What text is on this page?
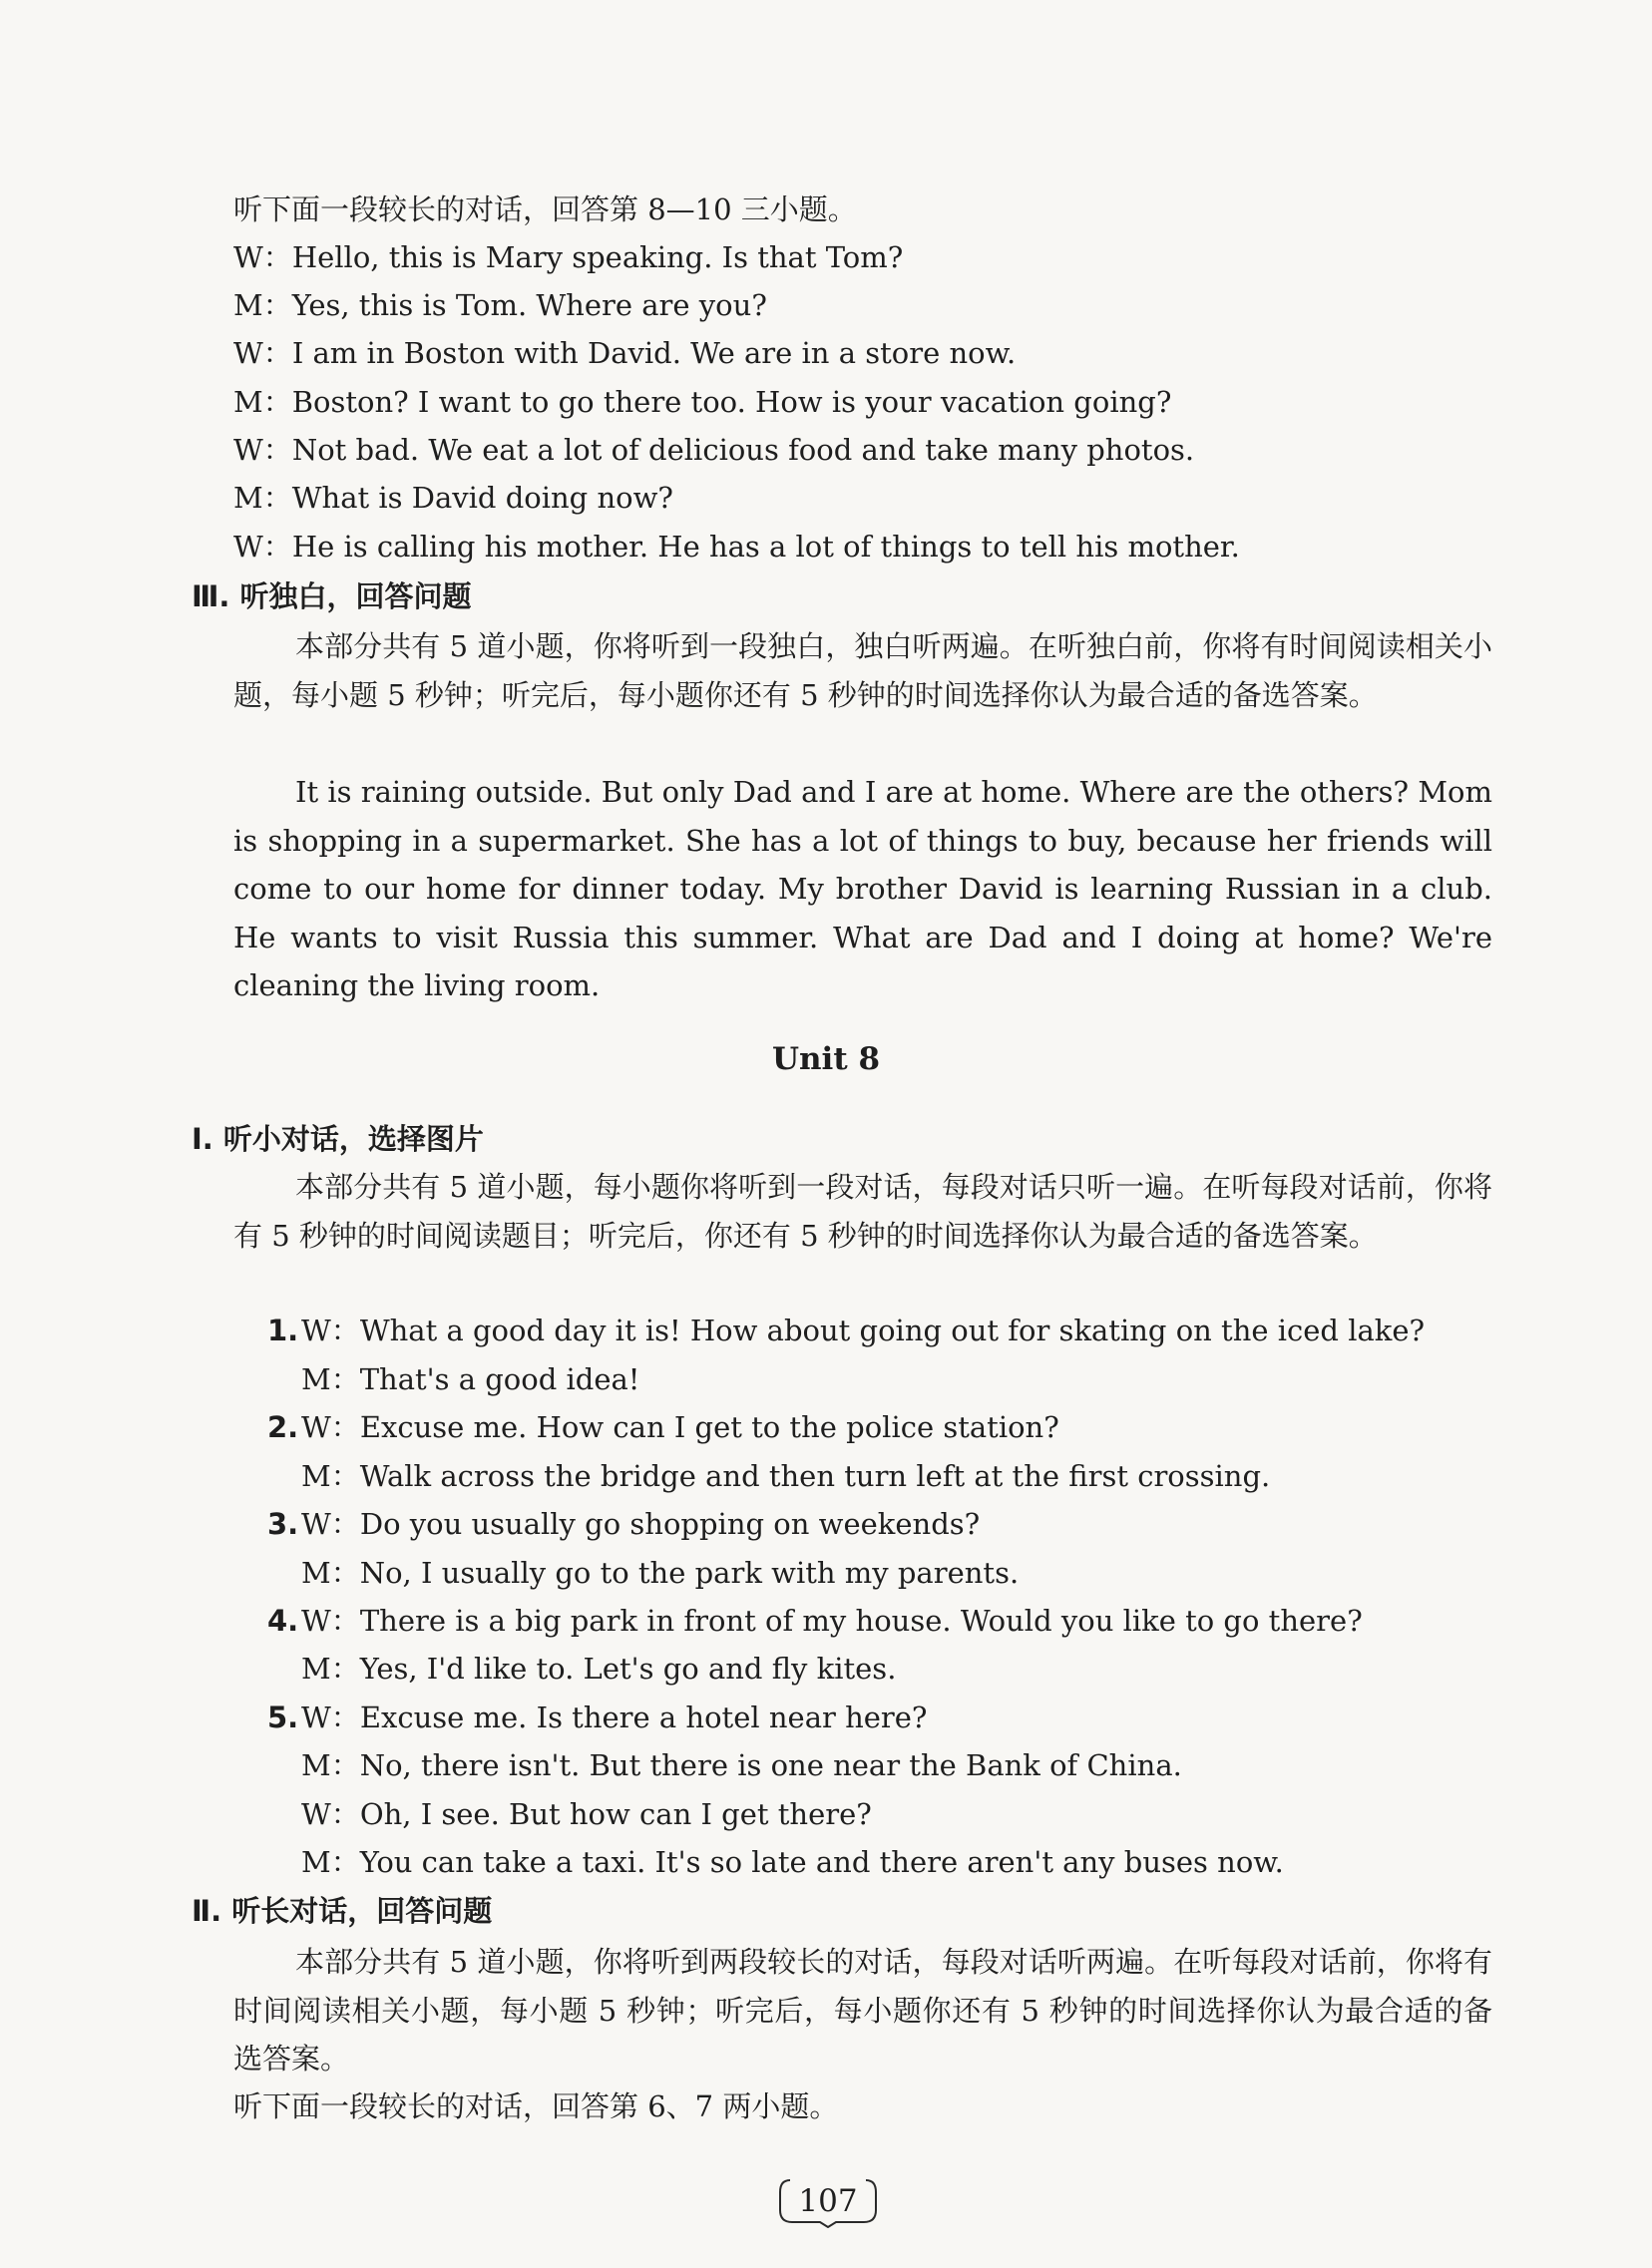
听下面一段较长的对话，回答第 8—10 三小题。
W：Hello, this is Mary speaking. Is that Tom?
M：Yes, this is Tom. Where are you?
W：I am in Boston with David. We are in a store now.
M：Boston? I want to go there too. How is your vacation going?
W：Not bad. We eat a lot of delicious food and take many photos.
M：What is David doing now?
W：He is calling his mother. He has a lot of things to tell his mother.
Ⅲ. 听独白，回答问题

本部分共有 5 道小题，你将听到一段独白，独白听两遍。在听独白前，你将有时间阅读相关小题，每小题 5 秒钟；听完后，每小题你还有 5 秒钟的时间选择你认为最合适的备选答案。

It is raining outside. But only Dad and I are at home. Where are the others? Mom is shopping in a supermarket. She has a lot of things to buy, because her friends will come to our home for dinner today. My brother David is learning Russian in a club. He wants to visit Russia this summer. What are Dad and I doing at home? We're cleaning the living room.

Unit 8
Ⅰ. 听小对话，选择图片

本部分共有 5 道小题，每小题你将听到一段对话，每段对话只听一遍。在听每段对话前，你将有 5 秒钟的时间阅读题目；听完后，你还有 5 秒钟的时间选择你认为最合适的备选答案。

1.W：What a good day it is! How about going out for skating on the iced lake?
M：That's a good idea!
2.W：Excuse me. How can I get to the police station?
M：Walk across the bridge and then turn left at the first crossing.
3.W：Do you usually go shopping on weekends?
M：No, I usually go to the park with my parents.
4.W：There is a big park in front of my house. Would you like to go there?
M：Yes, I'd like to. Let's go and fly kites.
5.W：Excuse me. Is there a hotel near here?
M：No, there isn't. But there is one near the Bank of China.
W：Oh, I see. But how can I get there?
M：You can take a taxi. It's so late and there aren't any buses now.
Ⅱ. 听长对话，回答问题

本部分共有 5 道小题，你将听到两段较长的对话，每段对话听两遍。在听每段对话前，你将有时间阅读相关小题，每小题 5 秒钟；听完后，每小题你还有 5 秒钟的时间选择你认为最合适的备选答案。

听下面一段较长的对话，回答第 6、7 两小题。
107
